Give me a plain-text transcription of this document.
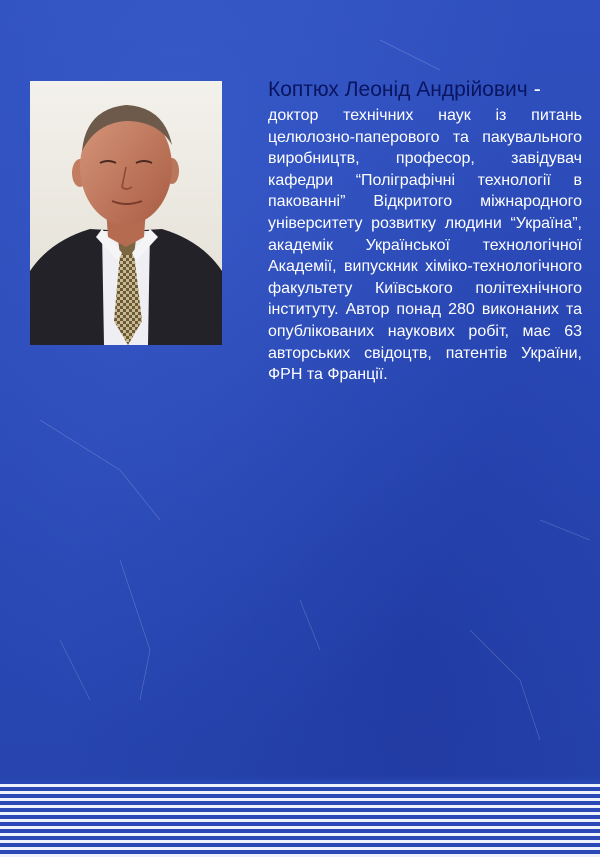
Коптюх Леонід Андрійович -

доктор технічних наук із питань целюлозно-паперового та пакувального виробництв, професор, завідувач кафедри “Поліграфічні технології в пакованні” Відкритого міжнародного університету розвитку людини “Україна”, академік Української технологічної Академії, випускник хіміко-технологічного факультету Київського політехнічного інституту. Автор понад 280 виконаних та опублікованих наукових робіт, має 63 авторських свідоцтв, патентів України, ФРН та Франції.
